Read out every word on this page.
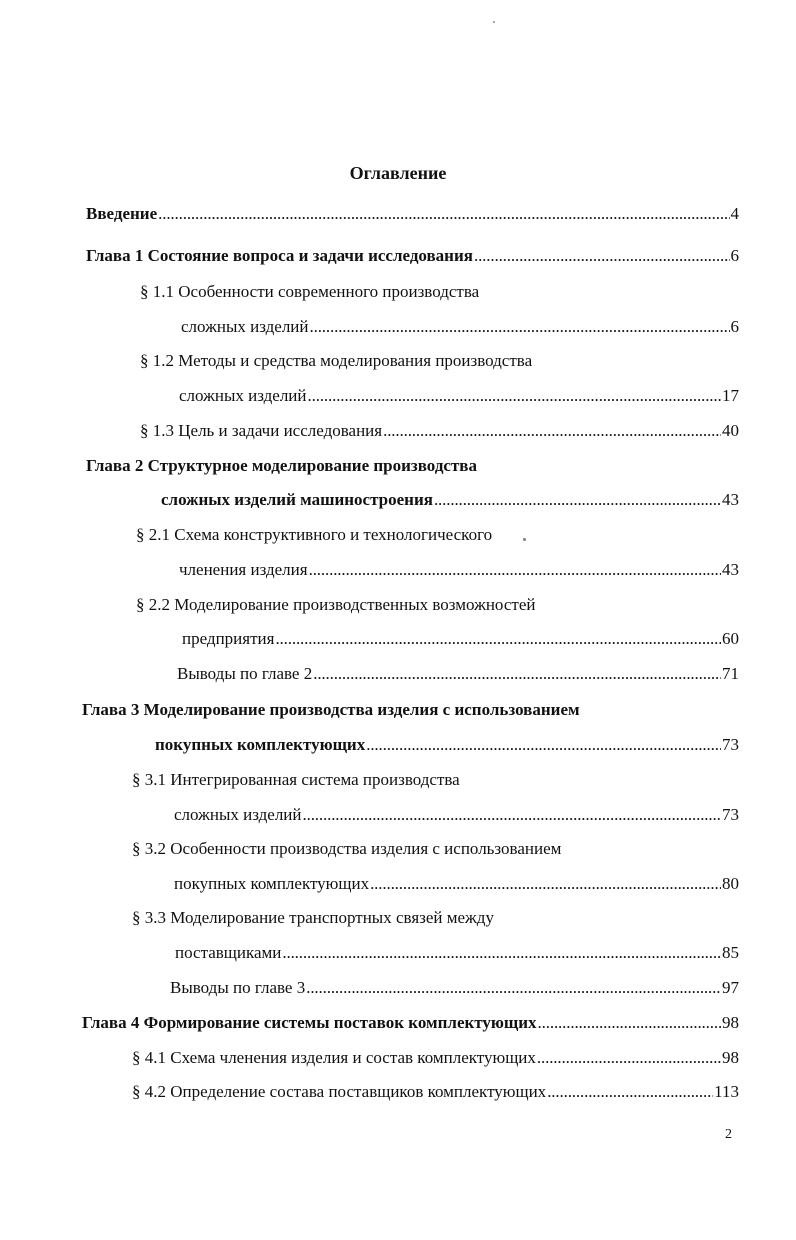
Оглавление
Введение . . .	4
Глава 1 Состояние вопроса и задачи исследования . . .	6
§ 1.1 Особенности современного производства
сложных изделий . . .	6
§ 1.2 Методы и средства моделирования производства
сложных изделий . . .	17
§ 1.3 Цель и задачи исследования . . .	40
Глава 2 Структурное моделирование производства
сложных изделий машиностроения . . .	43
§ 2.1 Схема конструктивного и технологического
членения изделия . . .	43
§ 2.2 Моделирование производственных возможностей
предприятия . . .	60
Выводы по главе 2 . . .	71
Глава 3 Моделирование производства изделия с использованием
покупных комплектующих . . .	73
§ 3.1 Интегрированная система производства
сложных изделий . . .	73
§ 3.2 Особенности производства изделия с использованием
покупных комплектующих . . .	80
§ 3.3 Моделирование транспортных связей между
поставщиками . . .	85
Выводы по главе 3 . . .	97
Глава 4 Формирование системы поставок комплектующих . . .	98
§ 4.1 Схема членения изделия и состав комплектующих . . .	98
§ 4.2 Определение состава поставщиков комплектующих . . .	113
2
